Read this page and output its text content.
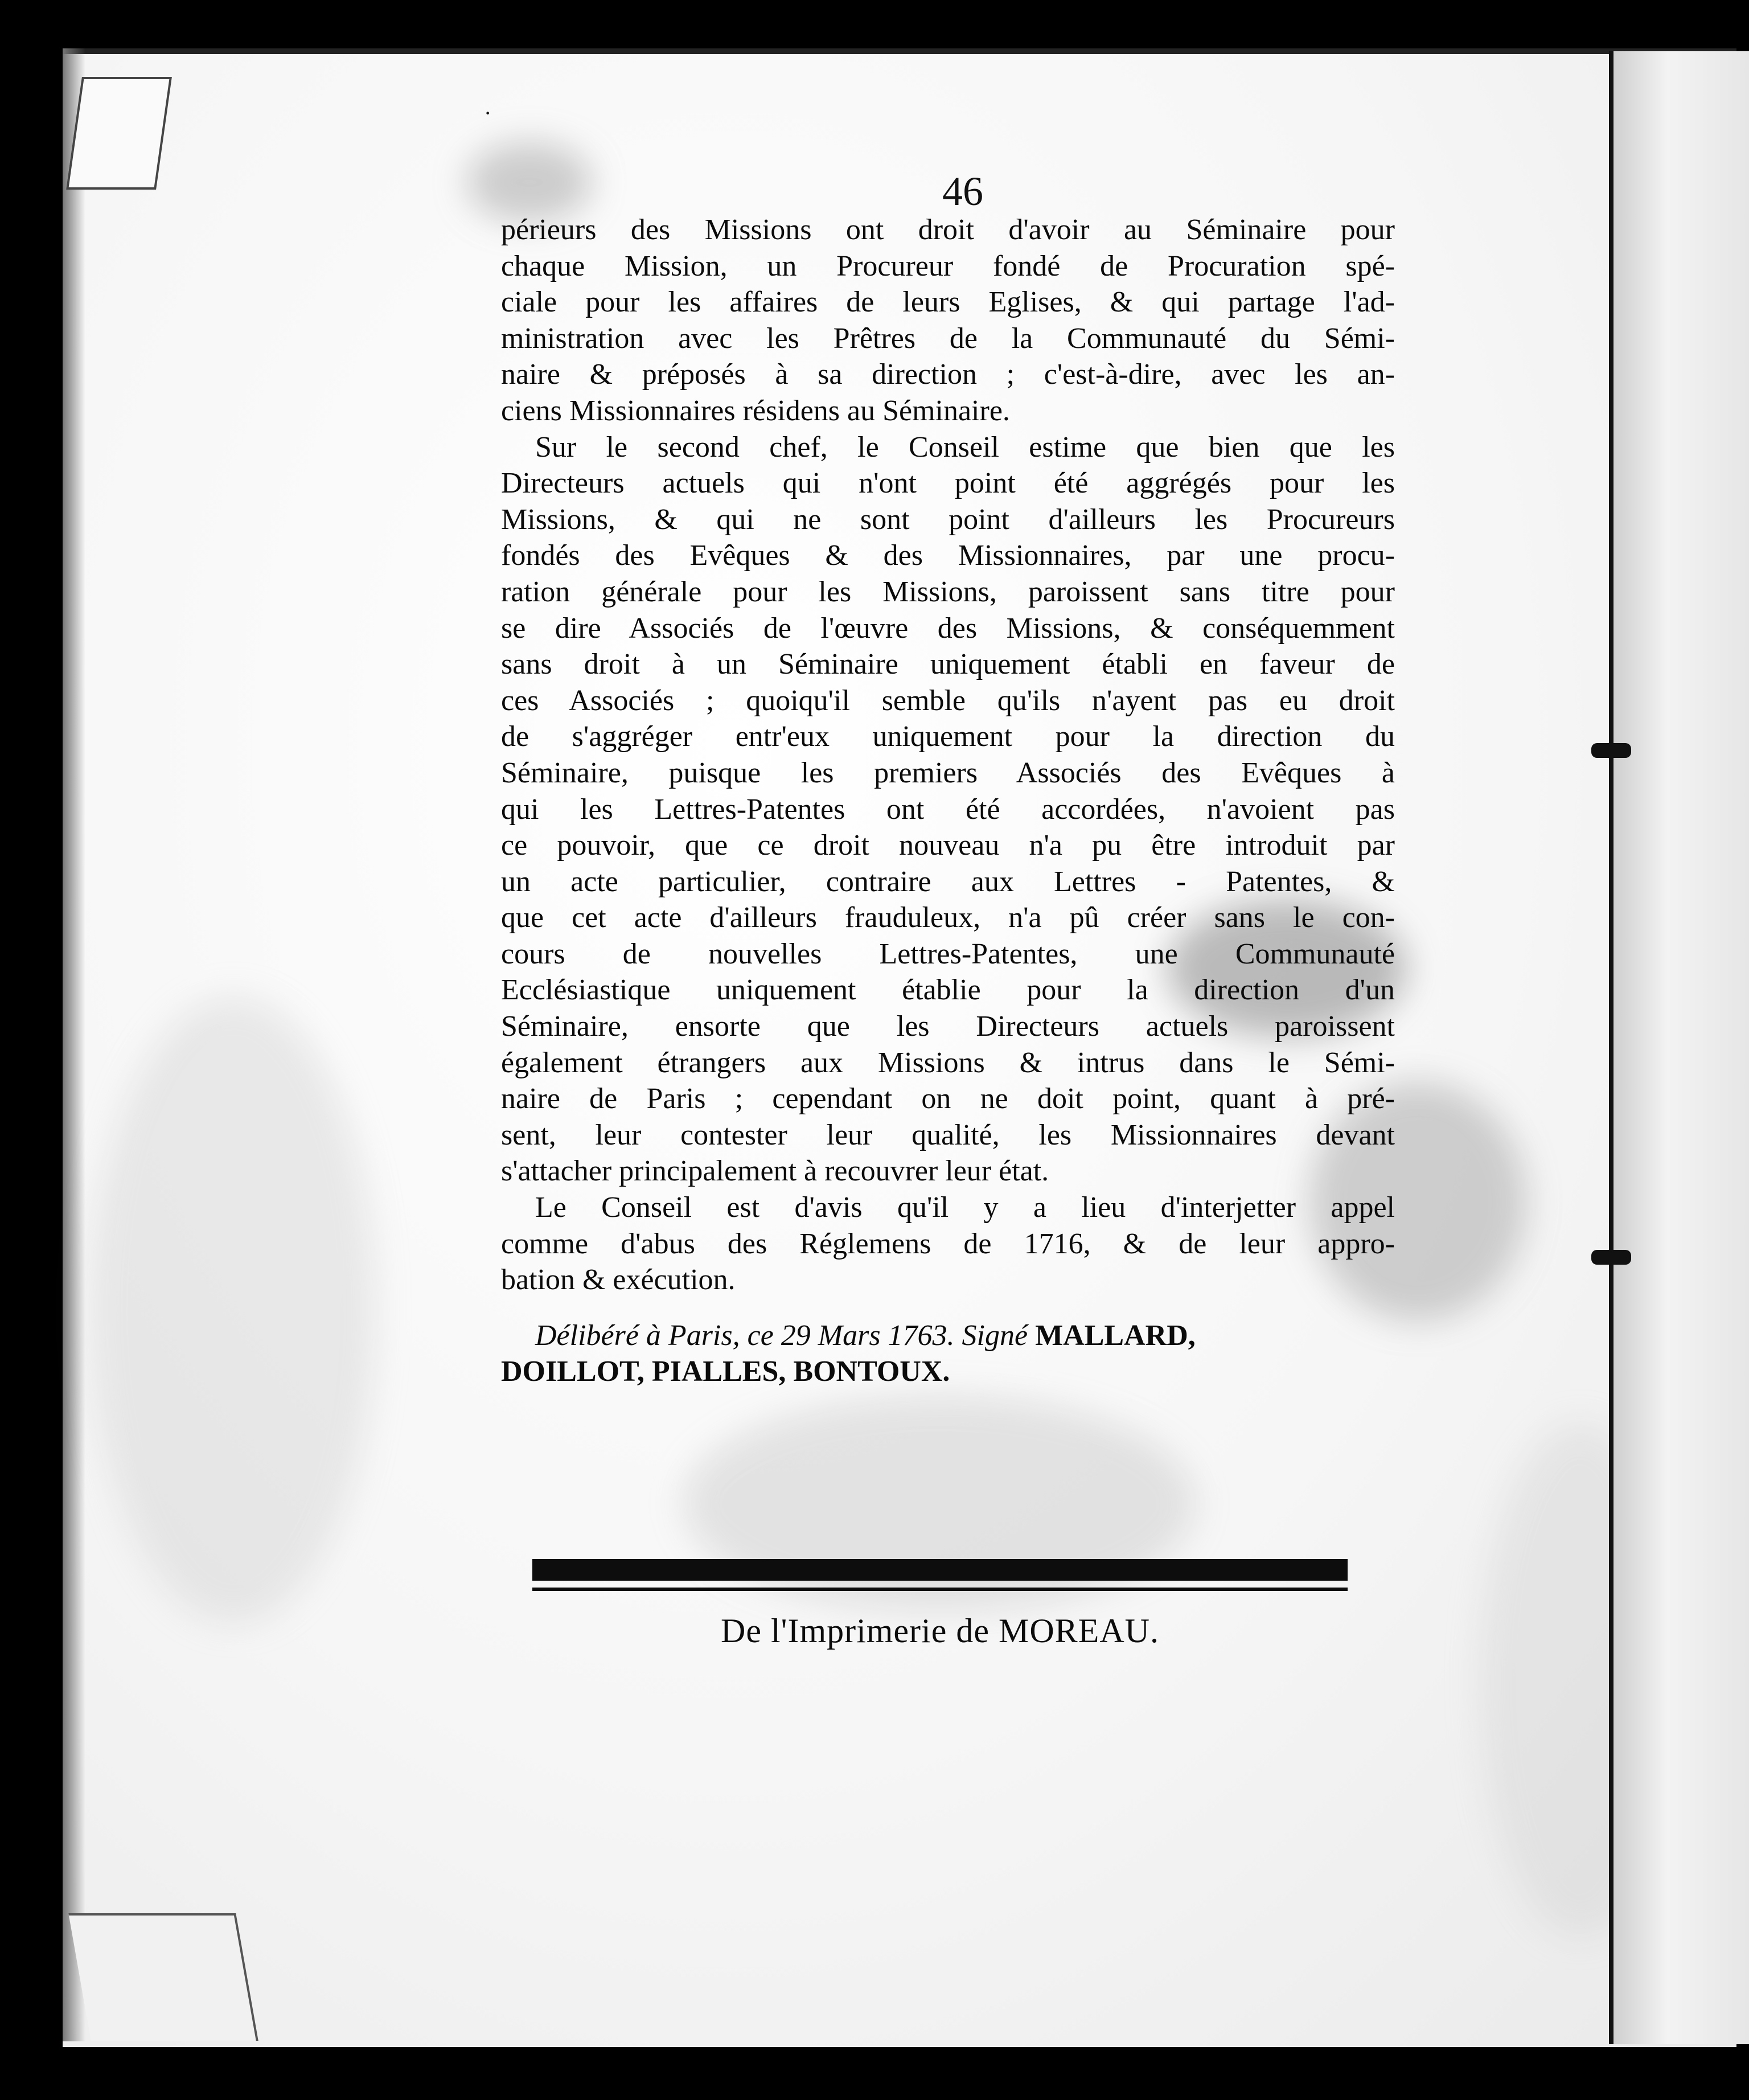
46
périeurs des Missions ont droit d'avoir au Séminaire pour
chaque Mission, un Procureur fondé de Procuration spé-
ciale pour les affaires de leurs Eglises, & qui partage l'ad-
ministration avec les Prêtres de la Communauté du Sémi-
naire & préposés à sa direction ; c'est-à-dire, avec les an-
ciens Missionnaires résidens au Séminaire.
Sur le second chef, le Conseil estime que bien que les
Directeurs actuels qui n'ont point été aggrégés pour les
Missions, & qui ne sont point d'ailleurs les Procureurs
fondés des Evêques & des Missionnaires, par une procu-
ration générale pour les Missions, paroissent sans titre pour
se dire Associés de l'œuvre des Missions, & conséquemment
sans droit à un Séminaire uniquement établi en faveur de
ces Associés ; quoiqu'il semble qu'ils n'ayent pas eu droit
de s'aggréger entr'eux uniquement pour la direction du
Séminaire, puisque les premiers Associés des Evêques à
qui les Lettres-Patentes ont été accordées, n'avoient pas
ce pouvoir, que ce droit nouveau n'a pu être introduit par
un acte particulier, contraire aux Lettres - Patentes, &
que cet acte d'ailleurs frauduleux, n'a pû créer sans le con-
cours de nouvelles Lettres-Patentes, une Communauté
Ecclésiastique uniquement établie pour la direction d'un
Séminaire, ensorte que les Directeurs actuels paroissent
également étrangers aux Missions & intrus dans le Sémi-
naire de Paris ; cependant on ne doit point, quant à pré-
sent, leur contester leur qualité, les Missionnaires devant
s'attacher principalement à recouvrer leur état.
Le Conseil est d'avis qu'il y a lieu d'interjetter appel
comme d'abus des Réglemens de 1716, & de leur appro-
bation & exécution.
Délibéré à Paris, ce 29 Mars 1763. Signé MALLARD,
DOILLOT, PIALLES, BONTOUX.
De l'Imprimerie de MOREAU.
·
